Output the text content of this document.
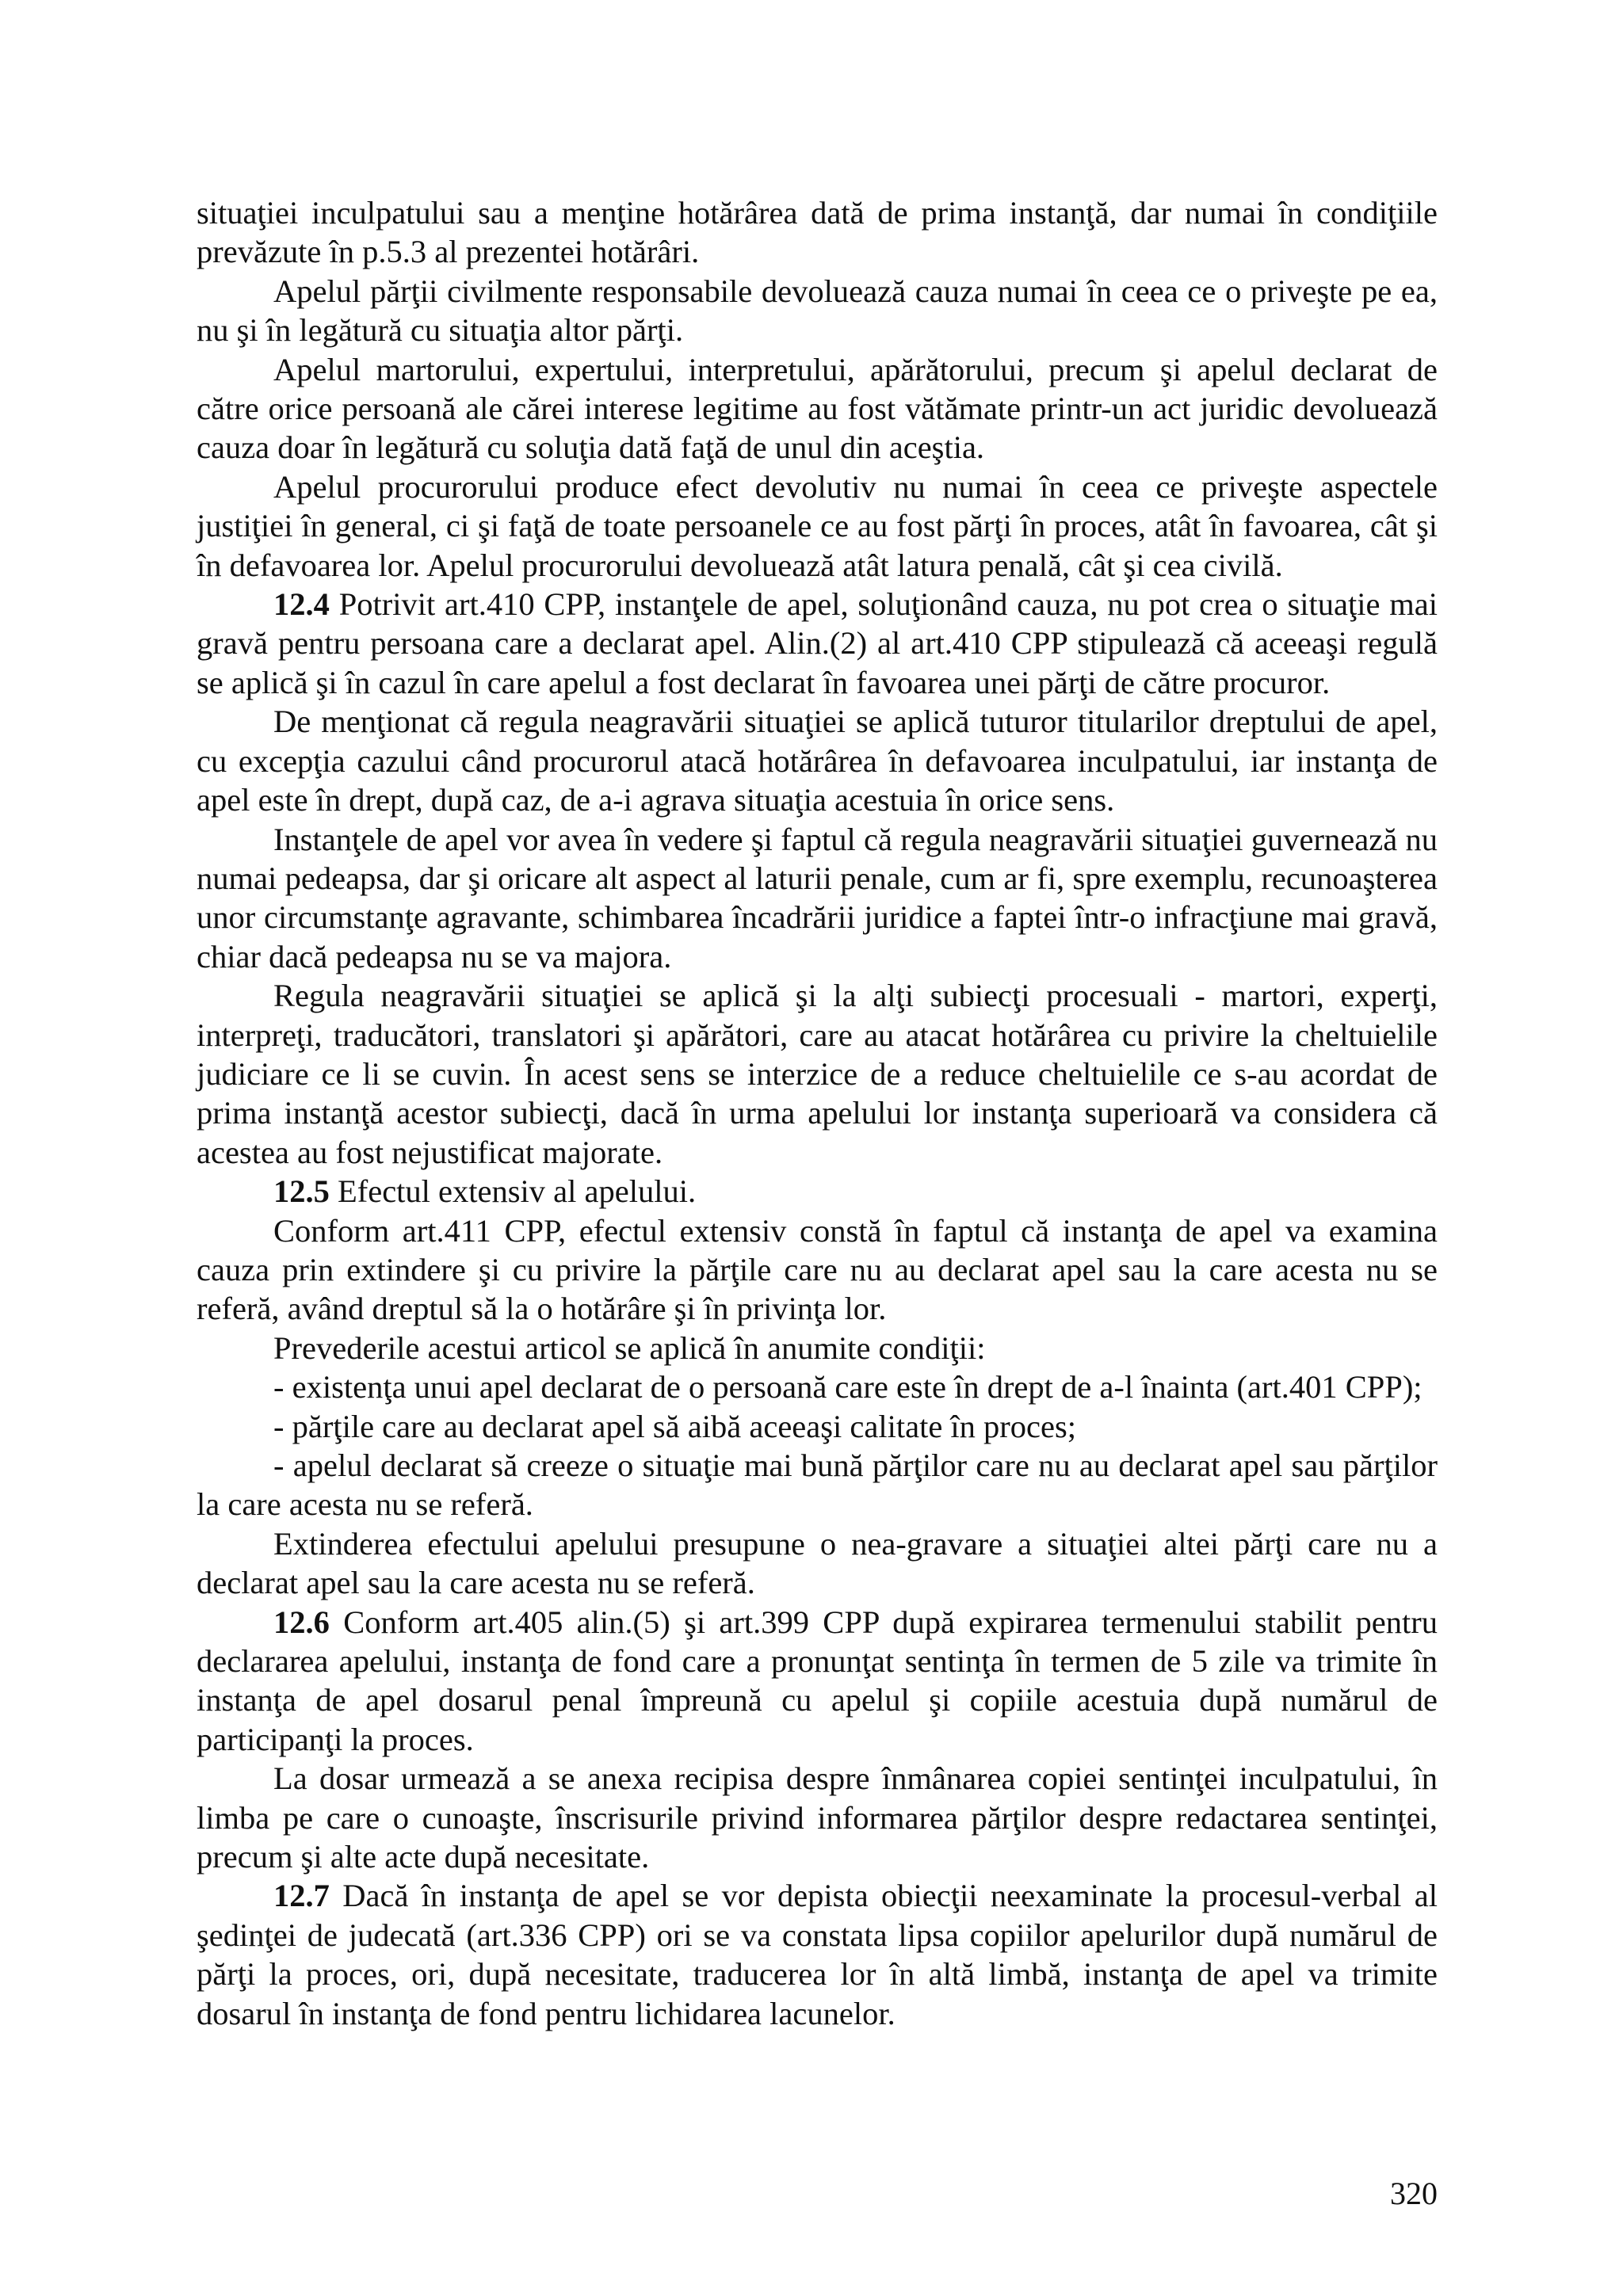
situaţiei inculpatului sau a menţine hotărârea dată de prima instanţă, dar numai în condiţiile prevăzute în p.5.3 al prezentei hotărâri.

Apelul părţii civilmente responsabile devoluează cauza numai în ceea ce o priveşte pe ea, nu şi în legătură cu situaţia altor părţi.

Apelul martorului, expertului, interpretului, apărătorului, precum şi apelul declarat de către orice persoană ale cărei interese legitime au fost vătămate printr-un act juridic devoluează cauza doar în legătură cu soluţia dată faţă de unul din aceştia.

Apelul procurorului produce efect devolutiv nu numai în ceea ce priveşte aspectele justiţiei în general, ci şi faţă de toate persoanele ce au fost părţi în proces, atât în favoarea, cât şi în defavoarea lor. Apelul procurorului devoluează atât latura penală, cât şi cea civilă.

12.4 Potrivit art.410 CPP, instanţele de apel, soluţionând cauza, nu pot crea o situaţie mai gravă pentru persoana care a declarat apel. Alin.(2) al art.410 CPP stipulează că aceeaşi regulă se aplică şi în cazul în care apelul a fost declarat în favoarea unei părţi de către procuror.

De menţionat că regula neagravării situaţiei se aplică tuturor titularilor dreptului de apel, cu excepţia cazului când procurorul atacă hotărârea în defavoarea inculpatului, iar instanţa de apel este în drept, după caz, de a-i agrava situaţia acestuia în orice sens.

Instanţele de apel vor avea în vedere şi faptul că regula neagravării situaţiei guvernează nu numai pedeapsa, dar şi oricare alt aspect al laturii penale, cum ar fi, spre exemplu, recunoaşterea unor circumstanţe agravante, schimbarea încadrării juridice a faptei într-o infracţiune mai gravă, chiar dacă pedeapsa nu se va majora.

Regula neagravării situaţiei se aplică şi la alţi subiecţi procesuali - martori, experţi, interpreţi, traducători, translatori şi apărători, care au atacat hotărârea cu privire la cheltuielile judiciare ce li se cuvin. În acest sens se interzice de a reduce cheltuielile ce s-au acordat de prima instanţă acestor subiecţi, dacă în urma apelului lor instanţa superioară va considera că acestea au fost nejustificat majorate.

12.5 Efectul extensiv al apelului.

Conform art.411 CPP, efectul extensiv constă în faptul că instanţa de apel va examina cauza prin extindere şi cu privire la părţile care nu au declarat apel sau la care acesta nu se referă, având dreptul să la o hotărâre şi în privinţa lor.

Prevederile acestui articol se aplică în anumite condiţii:

- existenţa unui apel declarat de o persoană care este în drept de a-l înainta (art.401 CPP);

- părţile care au declarat apel să aibă aceeaşi calitate în proces;

- apelul declarat să creeze o situaţie mai bună părţilor care nu au declarat apel sau părţilor la care acesta nu se referă.

Extinderea efectului apelului presupune o nea-gravare a situaţiei altei părţi care nu a declarat apel sau la care acesta nu se referă.

12.6 Conform art.405 alin.(5) şi art.399 CPP după expirarea termenului stabilit pentru declararea apelului, instanţa de fond care a pronunţat sentinţa în termen de 5 zile va trimite în instanţa de apel dosarul penal împreună cu apelul şi copiile acestuia după numărul de participanţi la proces.

La dosar urmează a se anexa recipisa despre înmânarea copiei sentinţei inculpatului, în limba pe care o cunoaşte, înscrisurile privind informarea părţilor despre redactarea sentinţei, precum şi alte acte după necesitate.

12.7 Dacă în instanţa de apel se vor depista obiecţii neexaminate la procesul-verbal al şedinţei de judecată (art.336 CPP) ori se va constata lipsa copiilor apelurilor după numărul de părţi la proces, ori, după necesitate, traducerea lor în altă limbă, instanţa de apel va trimite dosarul în instanţa de fond pentru lichidarea lacunelor.

320
